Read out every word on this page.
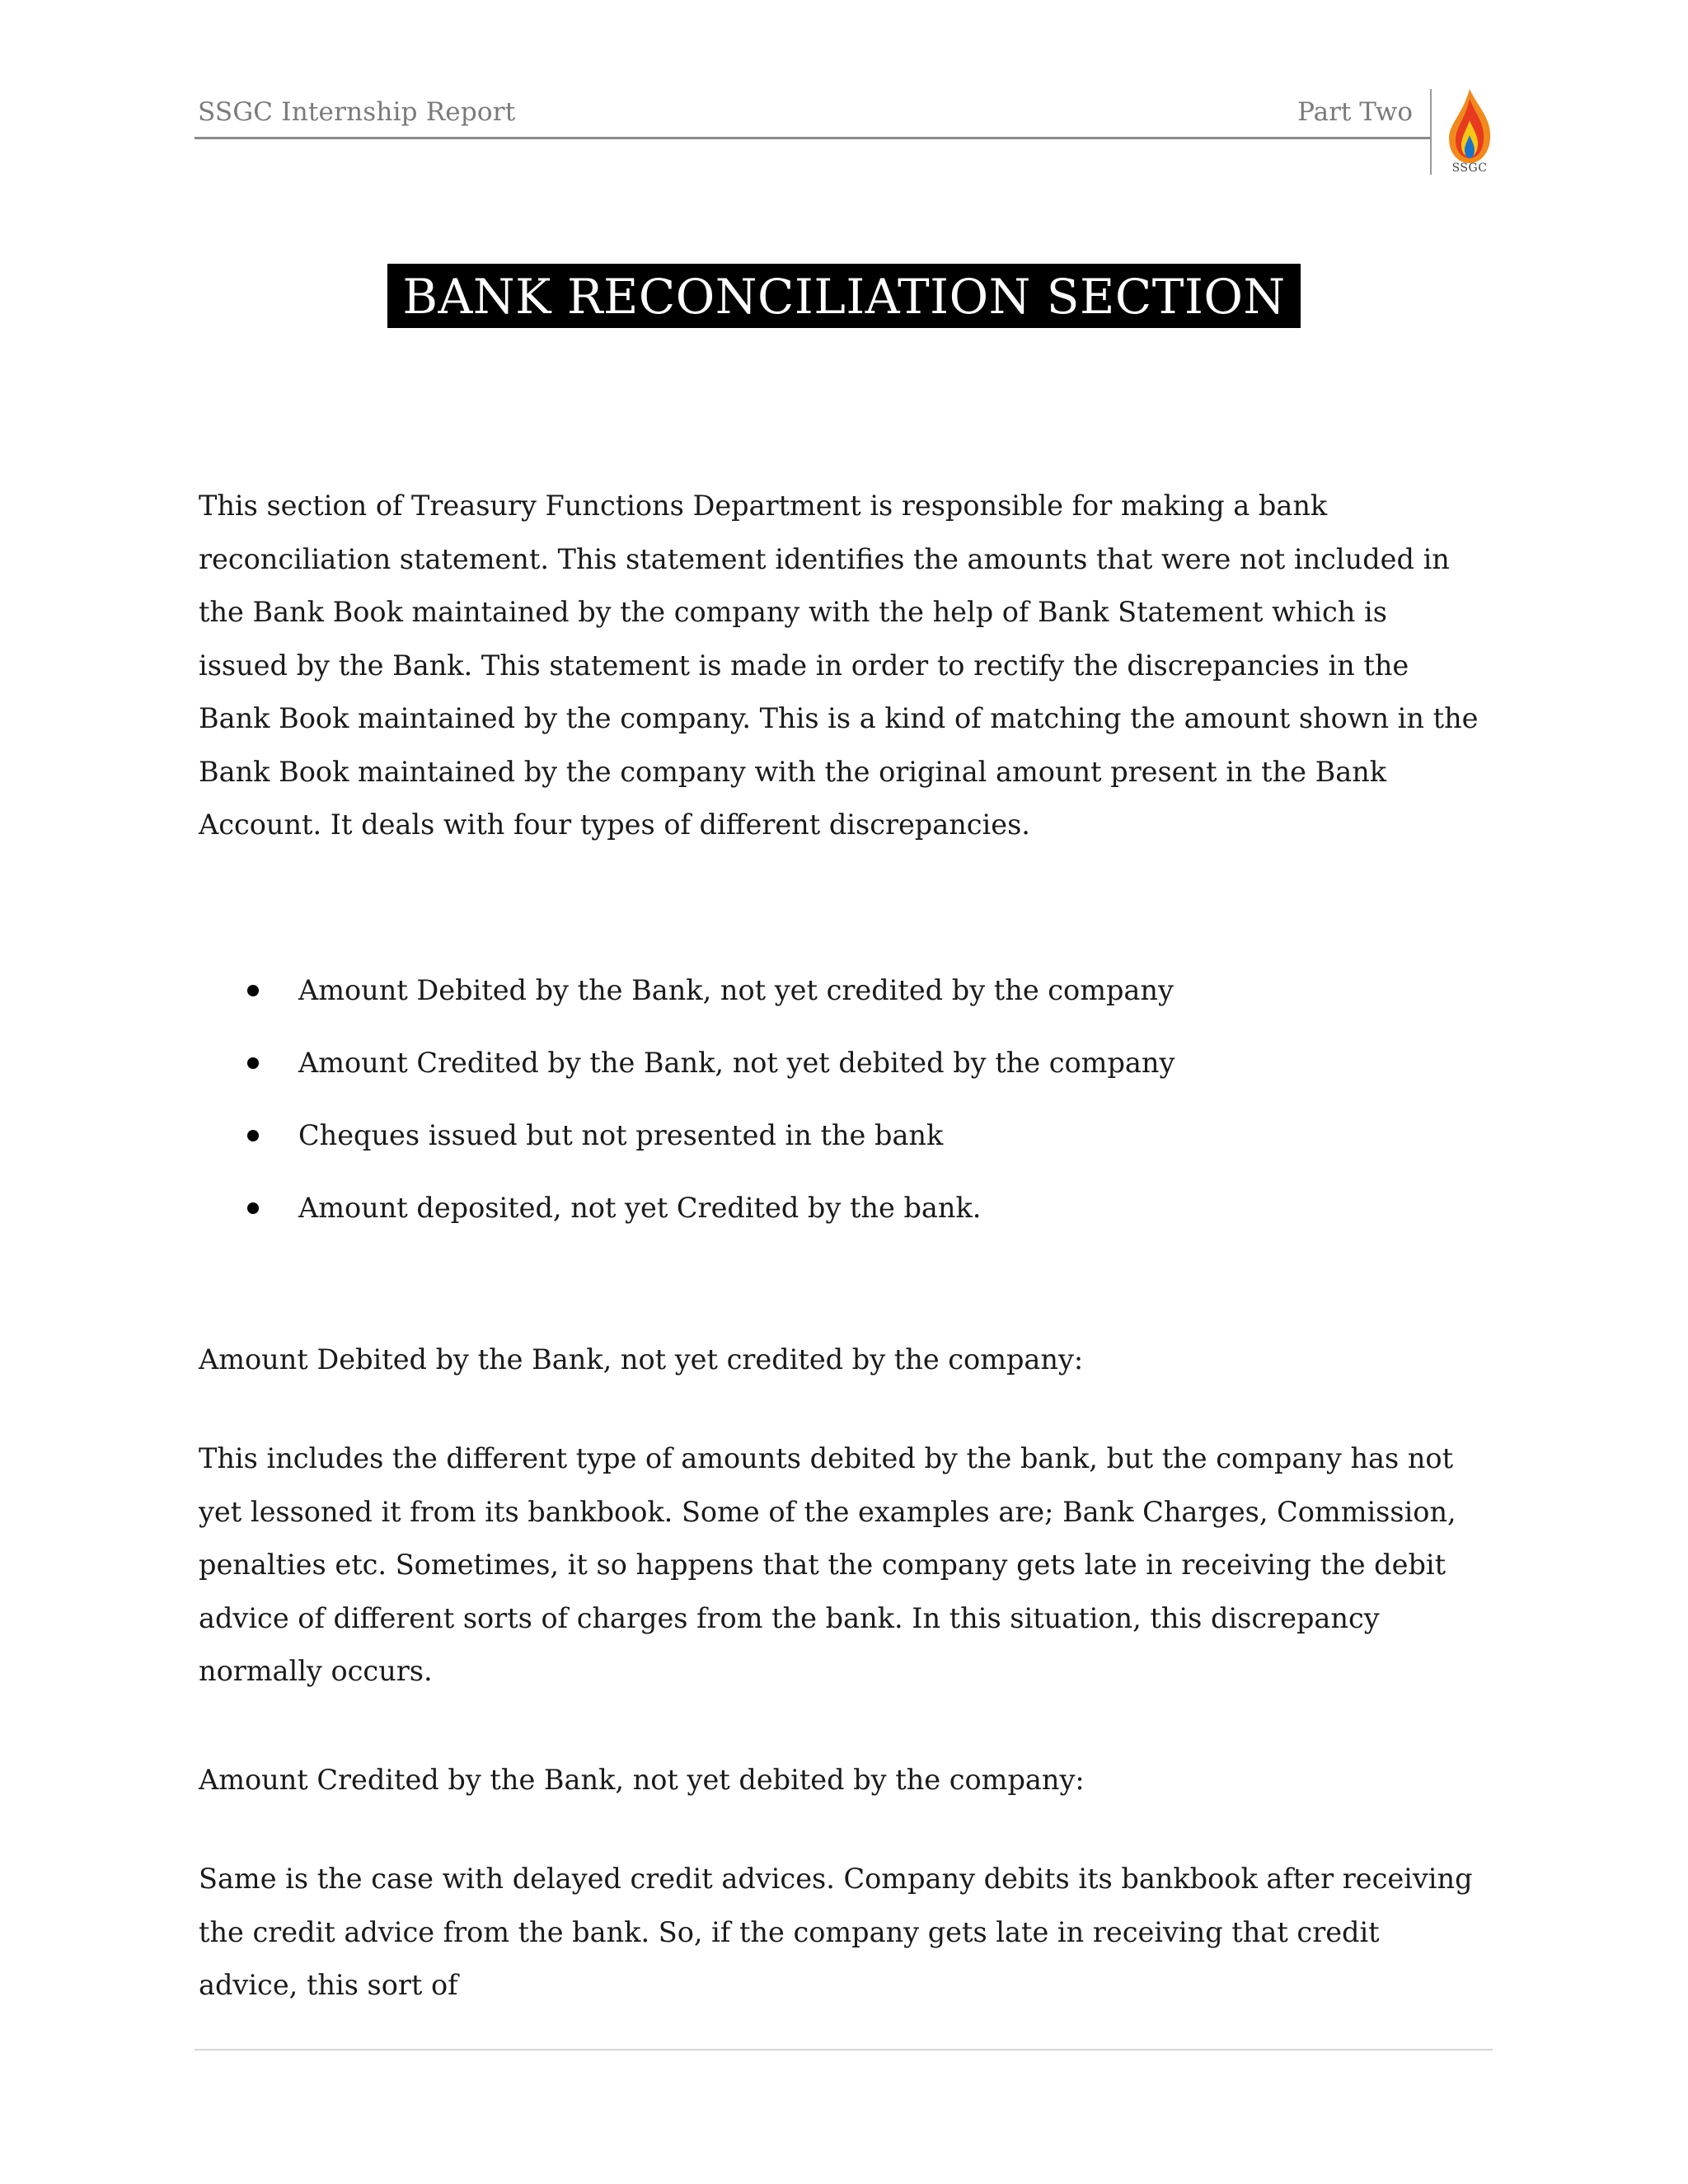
SSGC Internship Report	Part Two
SSGC
BANK RECONCILIATION SECTION
This section of Treasury Functions Department is responsible for making a bank reconciliation statement. This statement identifies the amounts that were not included in the Bank Book maintained by the company with the help of Bank Statement which is issued by the Bank. This statement is made in order to rectify the discrepancies in the Bank Book maintained by the company. This is a kind of matching the amount shown in the Bank Book maintained by the company with the original amount present in the Bank Account. It deals with four types of different discrepancies.
Amount Debited by the Bank, not yet credited by the company
Amount Credited by the Bank, not yet debited by the company
Cheques issued but not presented in the bank
Amount deposited, not yet Credited by the bank.
Amount Debited by the Bank, not yet credited by the company:
This includes the different type of amounts debited by the bank, but the company has not yet lessoned it from its bankbook. Some of the examples are; Bank Charges, Commission, penalties etc. Sometimes, it so happens that the company gets late in receiving the debit advice of different sorts of charges from the bank. In this situation, this discrepancy normally occurs.
Amount Credited by the Bank, not yet debited by the company:
Same is the case with delayed credit advices. Company debits its bankbook after receiving the credit advice from the bank. So, if the company gets late in receiving that credit advice, this sort of
